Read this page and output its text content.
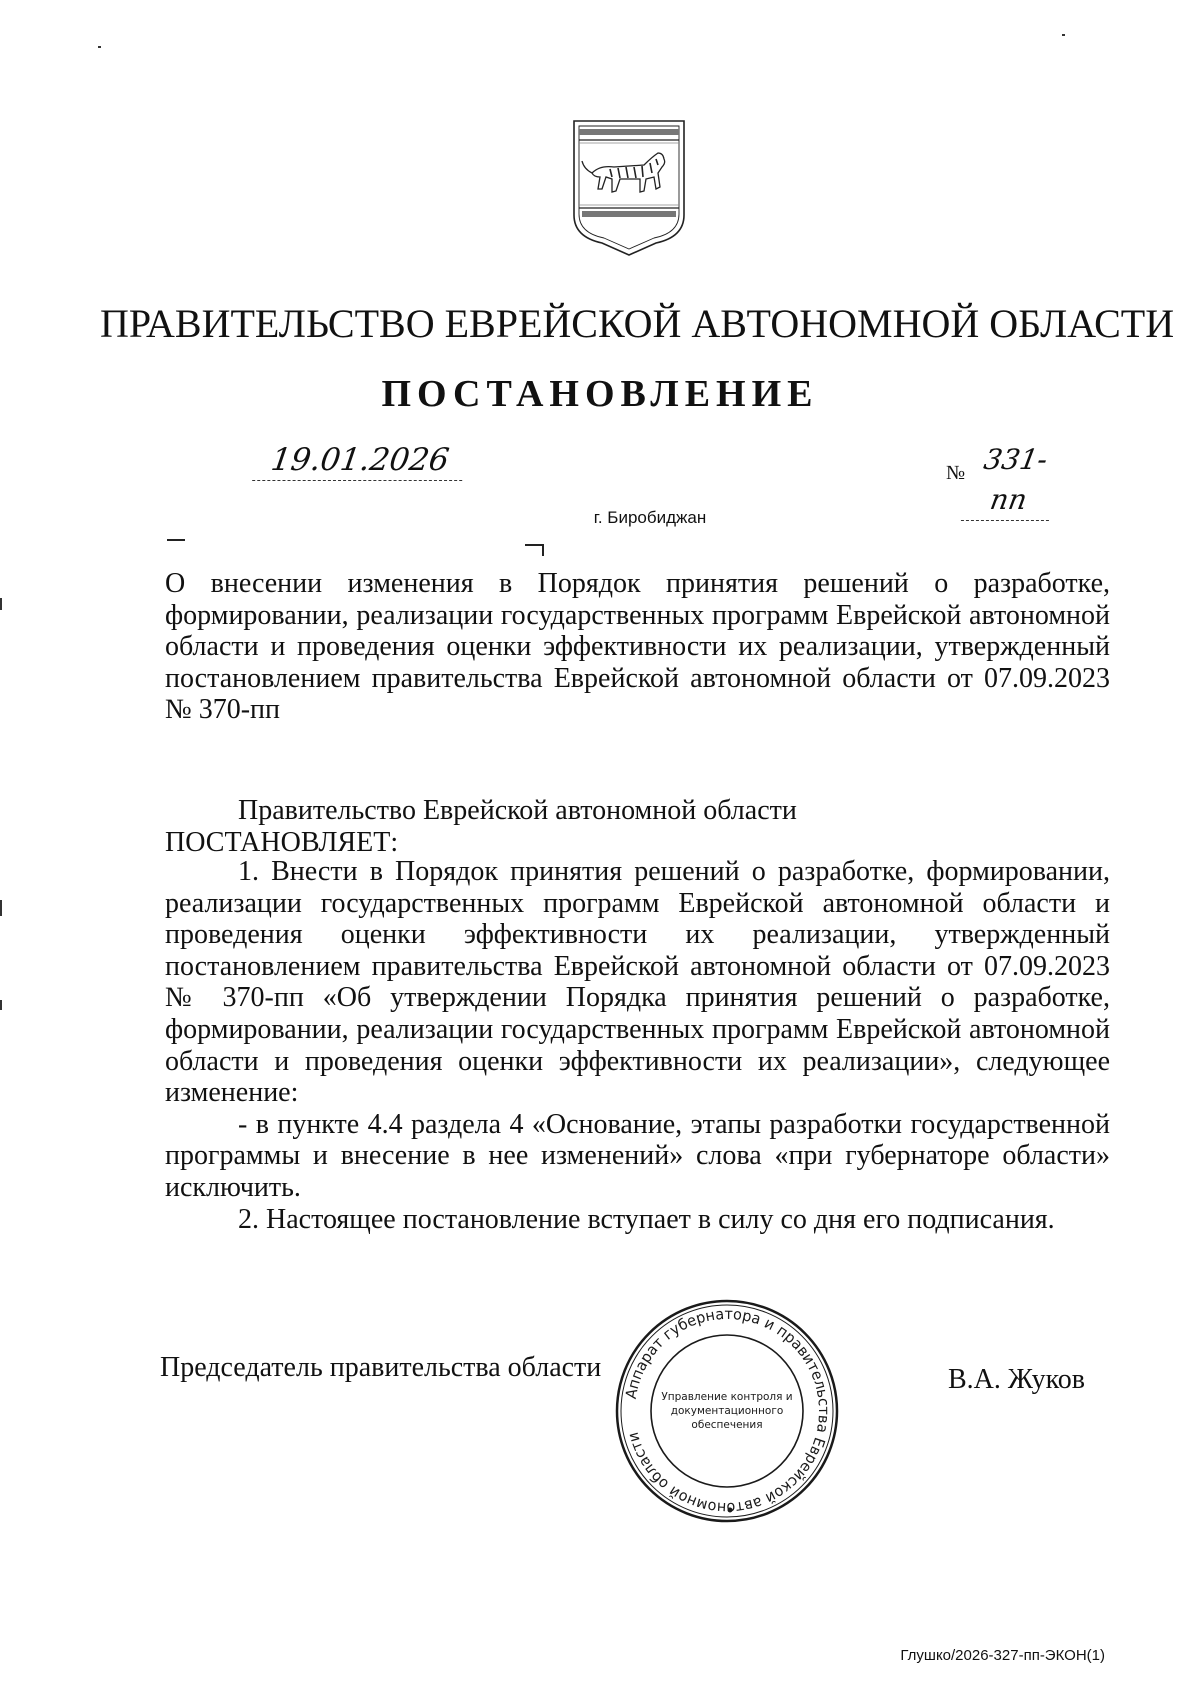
ПРАВИТЕЛЬСТВО ЕВРЕЙСКОЙ АВТОНОМНОЙ ОБЛАСТИ
ПОСТАНОВЛЕНИЕ
19.01.2026	№ 331-пп
г. Биробиджан
О внесении изменения в Порядок принятия решений о разработке, формировании, реализации государственных программ Еврейской автономной области и проведения оценки эффективности их реализации, утвержденный постановлением правительства Еврейской автономной области от 07.09.2023 № 370-пп
Правительство Еврейской автономной области
ПОСТАНОВЛЯЕТ:

1. Внести в Порядок принятия решений о разработке, формировании, реализации государственных программ Еврейской автономной области и проведения оценки эффективности их реализации, утвержденный постановлением правительства Еврейской автономной области от 07.09.2023 № 370-пп «Об утверждении Порядка принятия решений о разработке, формировании, реализации государственных программ Еврейской автономной области и проведения оценки эффективности их реализации», следующее изменение:

- в пункте 4.4 раздела 4 «Основание, этапы разработки государственной программы и внесение в нее изменений» слова «при губернаторе области» исключить.

2. Настоящее постановление вступает в силу со дня его подписания.

Председатель правительства области	В.А. Жуков
Аппарат губернатора и правительства Еврейской авт номной области
Управление контроля и
документационного
обеспечения
Глушко/2026-327-пп-ЭКОН(1)
